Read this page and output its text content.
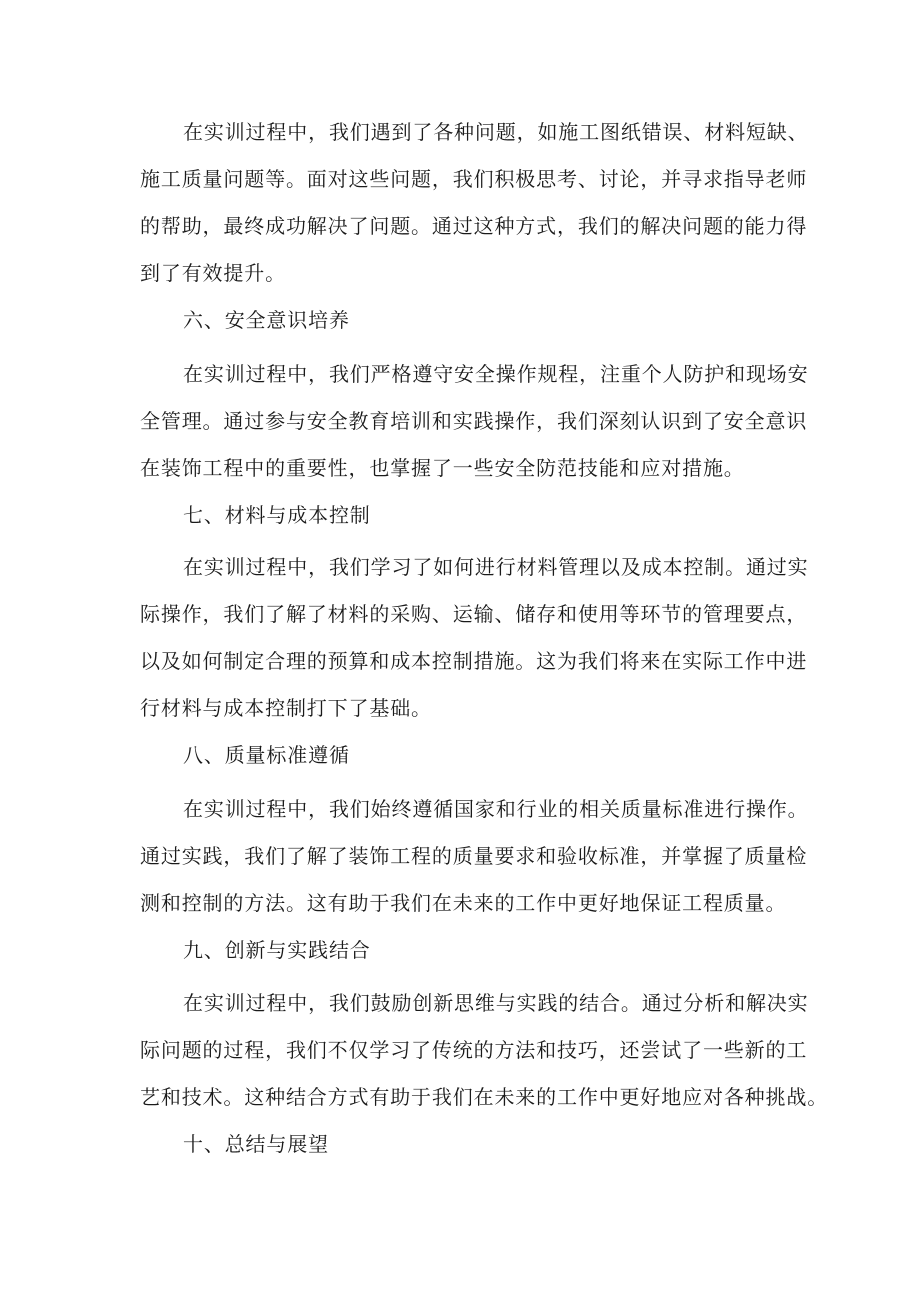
在实训过程中，我们遇到了各种问题，如施工图纸错误、材料短缺、
施工质量问题等。面对这些问题，我们积极思考、讨论，并寻求指导老师
的帮助，最终成功解决了问题。通过这种方式，我们的解决问题的能力得
到了有效提升。
六、安全意识培养
在实训过程中，我们严格遵守安全操作规程，注重个人防护和现场安
全管理。通过参与安全教育培训和实践操作，我们深刻认识到了安全意识
在装饰工程中的重要性，也掌握了一些安全防范技能和应对措施。
七、材料与成本控制
在实训过程中，我们学习了如何进行材料管理以及成本控制。通过实
际操作，我们了解了材料的采购、运输、储存和使用等环节的管理要点，
以及如何制定合理的预算和成本控制措施。这为我们将来在实际工作中进
行材料与成本控制打下了基础。
八、质量标准遵循
在实训过程中，我们始终遵循国家和行业的相关质量标准进行操作。
通过实践，我们了解了装饰工程的质量要求和验收标准，并掌握了质量检
测和控制的方法。这有助于我们在未来的工作中更好地保证工程质量。
九、创新与实践结合
在实训过程中，我们鼓励创新思维与实践的结合。通过分析和解决实
际问题的过程，我们不仅学习了传统的方法和技巧，还尝试了一些新的工
艺和技术。这种结合方式有助于我们在未来的工作中更好地应对各种挑战。
十、总结与展望
